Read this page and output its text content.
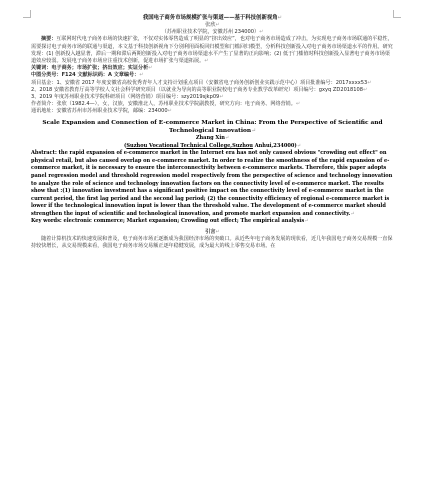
我国电子商务市场规模扩张与渠道——基于科技创新视角↵

张欣↵

（苏州职业技术学院，安徽苏州 234000）↵

摘要：互联网时代电子商务市场的快速扩张，不仅对实体零售造成了明显的“挤出效应”，也对电子商务市场造成了冲击，为实现电子商务市场联通的平稳性，需要探讨电子商务市场的联通与渠道，本文基于科技创新视角下分别利用面板回归模型和门槛回归模型，分析科技创新投入对电子商务市场渠道水平的作用。研究发现：(1) 创新投入越显著，滞后一期和滞后两期创新投入对电子商务市场渠道水平产生了显著的正向影响；(2) 低于门槛值时科技创新投入显著电子商务市场渠道效应较弱。发展电子商务市场应注重技术创新，促进市场扩张与渠道拓展。↵

关键词：电子商务；市场扩张；挤出效应；实证分析↵

中图分类号：F124 文献标识码：A 文章编号：↵

项目基金：1、安徽省 2017 年度安徽省高校优秀青年人才支持计划重点项目（安徽省电子商务创新创业实践示范中心）项目批准编号：2017xxxx53↵

2、2018 安徽省教育厅高等学校人文社会科学研究项目（以就业为导向的高等职业院校电子商务专业教学改革研究）项目编号：gxyq ZD2018108↵

3、2019 年度苏州职业技术学院科研项目（网络营销）项目编号：szy2019sjkp09↵

作者简介：张欣（1982.4—），女，汉族，安徽淮北人，苏州职业技术学院副教授，研究方向：电子商务、网络营销。↵

通讯地址：安徽省苏州市苏州职业技术学院，邮编：234000↵

Scale Expansion and Connection of E-commerce Market in China: From the Perspective of Scientific and Technological Innovation↵

Zhang Xin↵

(Suzhou Vocational Technical College,Suzhou Anhui,234000)↵

Abstract: the rapid expansion of e-commerce market in the Internet era has not only caused obvious "crowding out effect" on physical retail, but also caused overlap on e-commerce market. In order to realize the smoothness of the rapid expansion of e-commerce market, it is necessary to ensure the interconnectivity between e-commerce markets. Therefore, this paper adopts panel regression model and threshold regression model respectively from the perspective of science and technology innovation to analyze the role of science and technology innovation factors on the connectivity level of e-commerce market. The results show that :(1) innovation investment has a significant positive impact on the connectivity level of e-commerce market in the current period, the first lag period and the second lag period; (2) the connectivity efficiency of regional e-commerce market is lower if the technological innovation input is lower than the threshold value. The development of e-commerce market should strengthen the input of scientific and technological innovation, and promote market expansion and connectivity.↵

Key words: electronic commerce; Market expansion; Crowding out effect; The empirical analysis↵

引言↵

随着计算机技术的快速发展和普及，电子商务市场正逐渐成为我国经济市场的突破口。从近些年电子商务发展的现状看，近几年我国电子商务交易规模一直保持较快增长，从交易规模来看，我国电子商务市场交易额正逐年稳健发展，成为最大的线上零售交易市场。在
